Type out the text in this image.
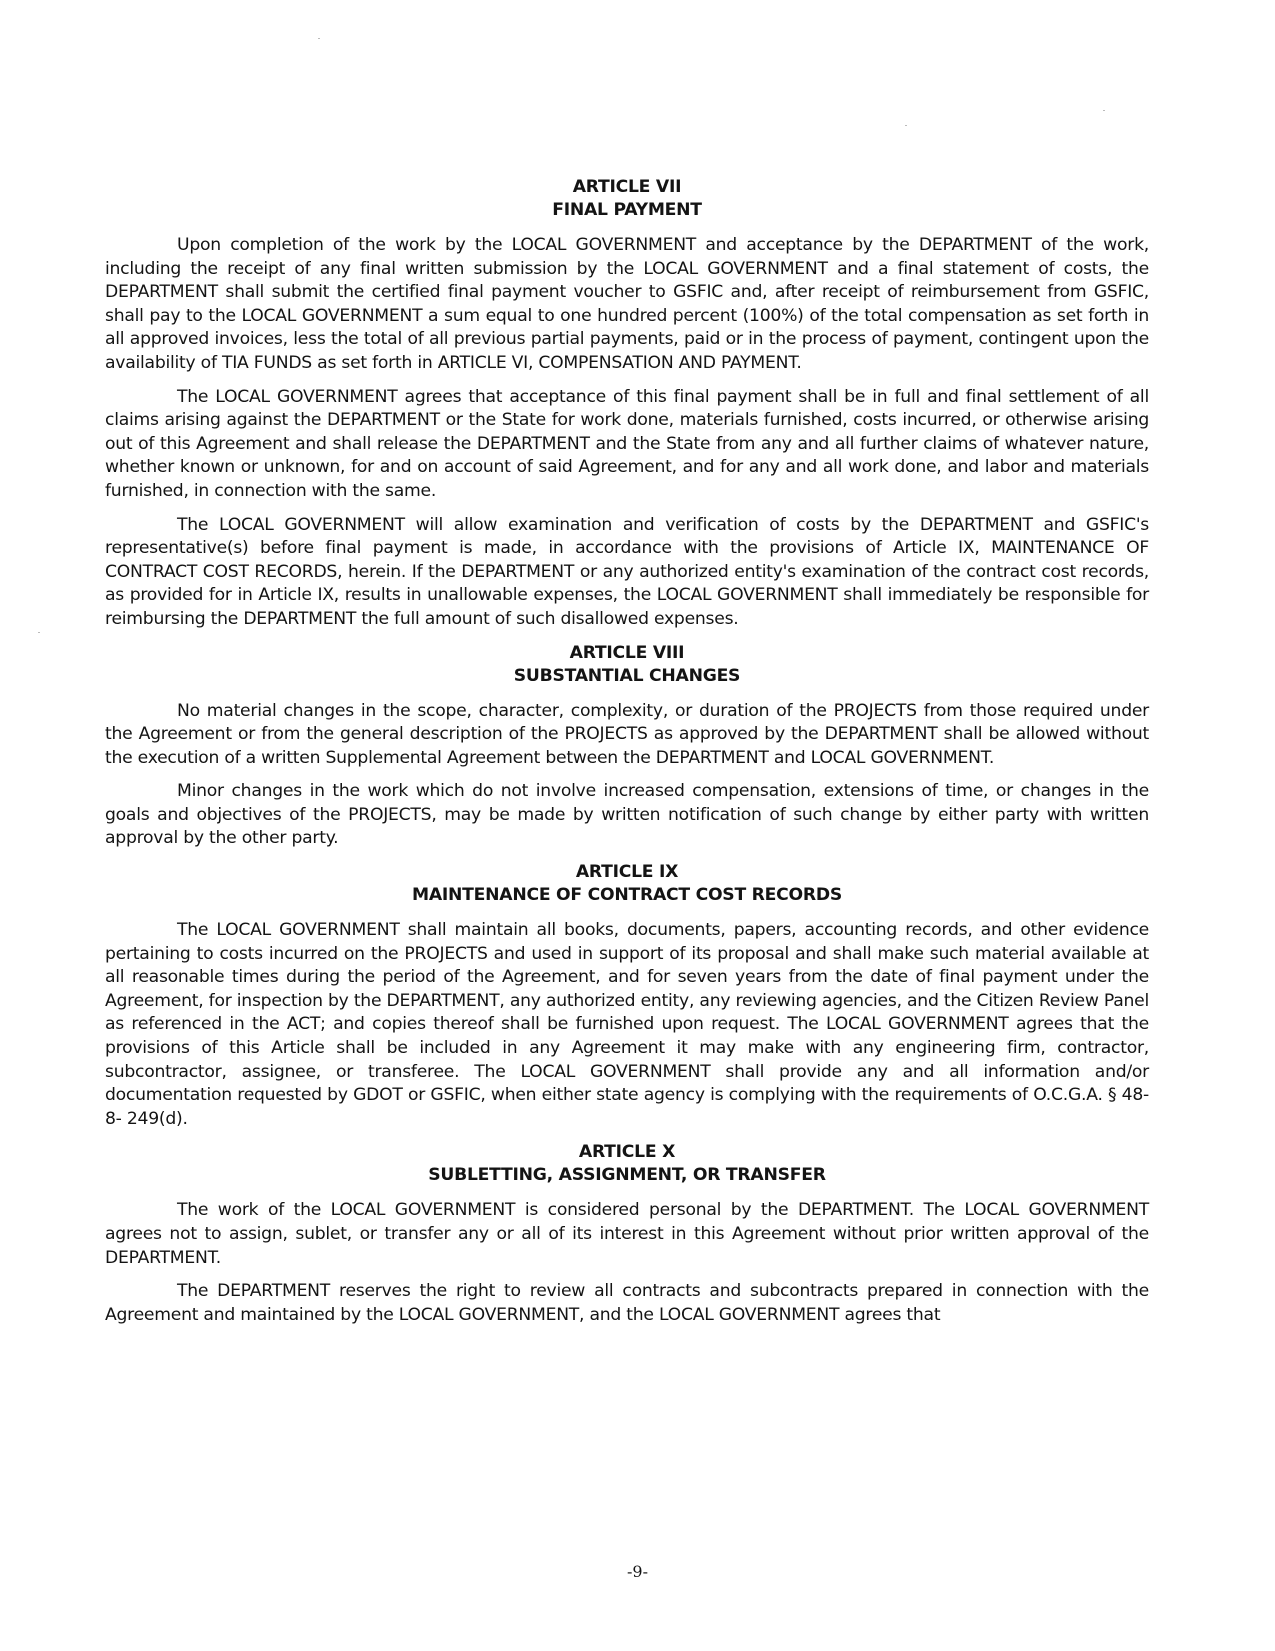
ARTICLE VII

FINAL PAYMENT

Upon completion of the work by the LOCAL GOVERNMENT and acceptance by the DEPARTMENT of the work, including the receipt of any final written submission by the LOCAL GOVERNMENT and a final statement of costs, the DEPARTMENT shall submit the certified final payment voucher to GSFIC and, after receipt of reimbursement from GSFIC, shall pay to the LOCAL GOVERNMENT a sum equal to one hundred percent (100%) of the total compensation as set forth in all approved invoices, less the total of all previous partial payments, paid or in the process of payment, contingent upon the availability of TIA FUNDS as set forth in ARTICLE VI, COMPENSATION AND PAYMENT.

The LOCAL GOVERNMENT agrees that acceptance of this final payment shall be in full and final settlement of all claims arising against the DEPARTMENT or the State for work done, materials furnished, costs incurred, or otherwise arising out of this Agreement and shall release the DEPARTMENT and the State from any and all further claims of whatever nature, whether known or unknown, for and on account of said Agreement, and for any and all work done, and labor and materials furnished, in connection with the same.

The LOCAL GOVERNMENT will allow examination and verification of costs by the DEPARTMENT and GSFIC's representative(s) before final payment is made, in accordance with the provisions of Article IX, MAINTENANCE OF CONTRACT COST RECORDS, herein. If the DEPARTMENT or any authorized entity's examination of the contract cost records, as provided for in Article IX, results in unallowable expenses, the LOCAL GOVERNMENT shall immediately be responsible for reimbursing the DEPARTMENT the full amount of such disallowed expenses.

ARTICLE VIII

SUBSTANTIAL CHANGES

No material changes in the scope, character, complexity, or duration of the PROJECTS from those required under the Agreement or from the general description of the PROJECTS as approved by the DEPARTMENT shall be allowed without the execution of a written Supplemental Agreement between the DEPARTMENT and LOCAL GOVERNMENT.

Minor changes in the work which do not involve increased compensation, extensions of time, or changes in the goals and objectives of the PROJECTS, may be made by written notification of such change by either party with written approval by the other party.

ARTICLE IX

MAINTENANCE OF CONTRACT COST RECORDS

The LOCAL GOVERNMENT shall maintain all books, documents, papers, accounting records, and other evidence pertaining to costs incurred on the PROJECTS and used in support of its proposal and shall make such material available at all reasonable times during the period of the Agreement, and for seven years from the date of final payment under the Agreement, for inspection by the DEPARTMENT, any authorized entity, any reviewing agencies, and the Citizen Review Panel as referenced in the ACT; and copies thereof shall be furnished upon request. The LOCAL GOVERNMENT agrees that the provisions of this Article shall be included in any Agreement it may make with any engineering firm, contractor, subcontractor, assignee, or transferee. The LOCAL GOVERNMENT shall provide any and all information and/or documentation requested by GDOT or GSFIC, when either state agency is complying with the requirements of O.C.G.A. § 48- 8- 249(d).

ARTICLE X

SUBLETTING, ASSIGNMENT, OR TRANSFER

The work of the LOCAL GOVERNMENT is considered personal by the DEPARTMENT. The LOCAL GOVERNMENT agrees not to assign, sublet, or transfer any or all of its interest in this Agreement without prior written approval of the DEPARTMENT.

The DEPARTMENT reserves the right to review all contracts and subcontracts prepared in connection with the Agreement and maintained by the LOCAL GOVERNMENT, and the LOCAL GOVERNMENT agrees that

-9-
